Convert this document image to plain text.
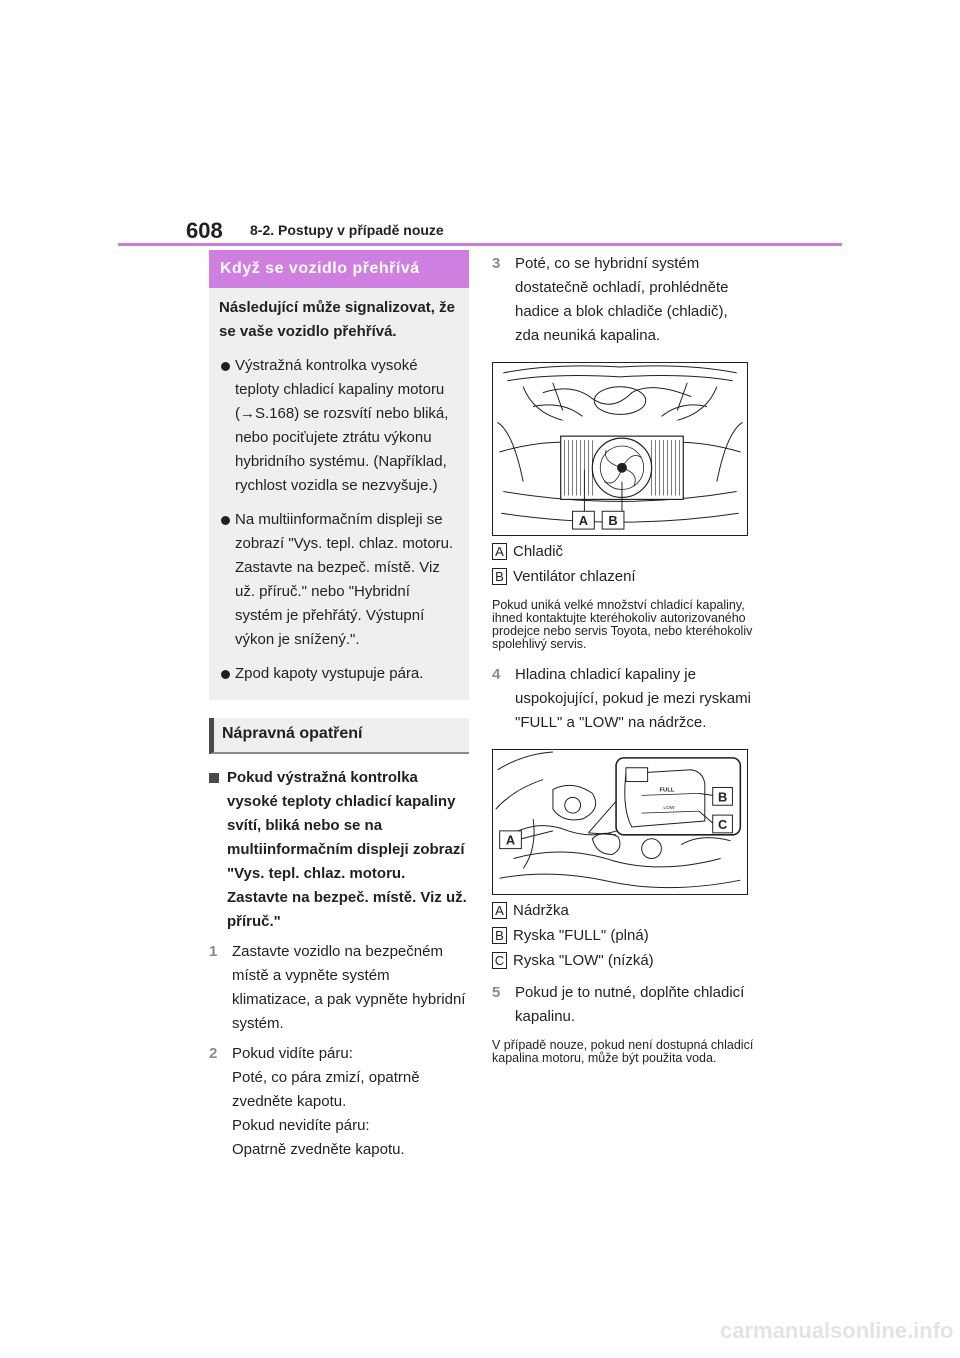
608 8-2. Postupy v případě nouze
Když se vozidlo přehřívá
Následující může signalizovat, že se vaše vozidlo přehřívá.
Výstražná kontrolka vysoké teploty chladicí kapaliny motoru (→S.168) se rozsvítí nebo bliká, nebo pociťujete ztrátu výkonu hybridního systému. (Například, rychlost vozidla se nezvyšuje.)
Na multiinformačním displeji se zobrazí "Vys. tepl. chlaz. motoru. Zastavte na bezpeč. místě. Viz už. příruč." nebo "Hybridní systém je přehřátý. Výstupní výkon je snížený.".
Zpod kapoty vystupuje pára.
Nápravná opatření
Pokud výstražná kontrolka vysoké teploty chladicí kapaliny svítí, bliká nebo se na multiinformačním displeji zobrazí "Vys. tepl. chlaz. motoru. Zastavte na bezpeč. místě. Viz už. příruč."
1 Zastavte vozidlo na bezpečném místě a vypněte systém klimatizace, a pak vypněte hybridní systém.
2 Pokud vidíte páru:
Poté, co pára zmizí, opatrně zvedněte kapotu.
Pokud nevidíte páru:
Opatrně zvedněte kapotu.
3 Poté, co se hybridní systém dostatečně ochladí, prohlédněte hadice a blok chladiče (chladič), zda neuniká kapalina.
A B
A Chladič
B Ventilátor chlazení
Pokud uniká velké množství chladicí kapaliny, ihned kontaktujte kteréhokoliv autorizovaného prodejce nebo servis Toyota, nebo kteréhokoliv spolehlivý servis.
4 Hladina chladicí kapaliny je uspokojující, pokud je mezi ryskami "FULL" a "LOW" na nádržce.
FULL
LOW
B
C
A
A Nádržka
B Ryska "FULL" (plná)
C Ryska "LOW" (nízká)
5 Pokud je to nutné, doplňte chladicí kapalinu.
V případě nouze, pokud není dostupná chladicí kapalina motoru, může být použita voda.
carmanualsonline.info
